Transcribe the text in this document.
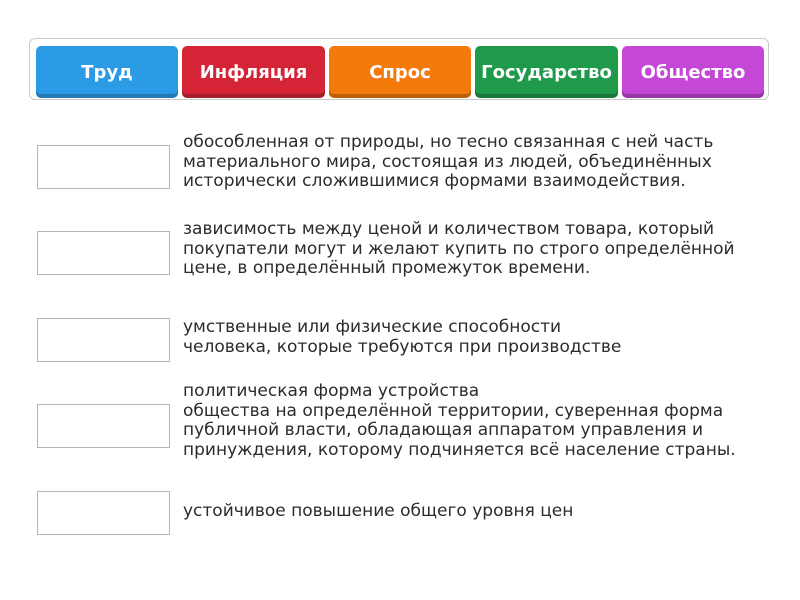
Труд	Инфляция	Спрос	Государство	Общество
обособленная от природы, но тесно связанная с ней часть
материального мира, состоящая из людей, объединённых
исторически сложившимися формами взаимодействия.
зависимость между ценой и количеством товара, который
покупатели могут и желают купить по строго определённой
цене, в определённый промежуток времени.
умственные или физические способности
человека, которые требуются при производстве
политическая форма устройства
общества на определённой территории, суверенная форма
публичной власти, обладающая аппаратом управления и
принуждения, которому подчиняется всё население страны.
устойчивое повышение общего уровня цен
